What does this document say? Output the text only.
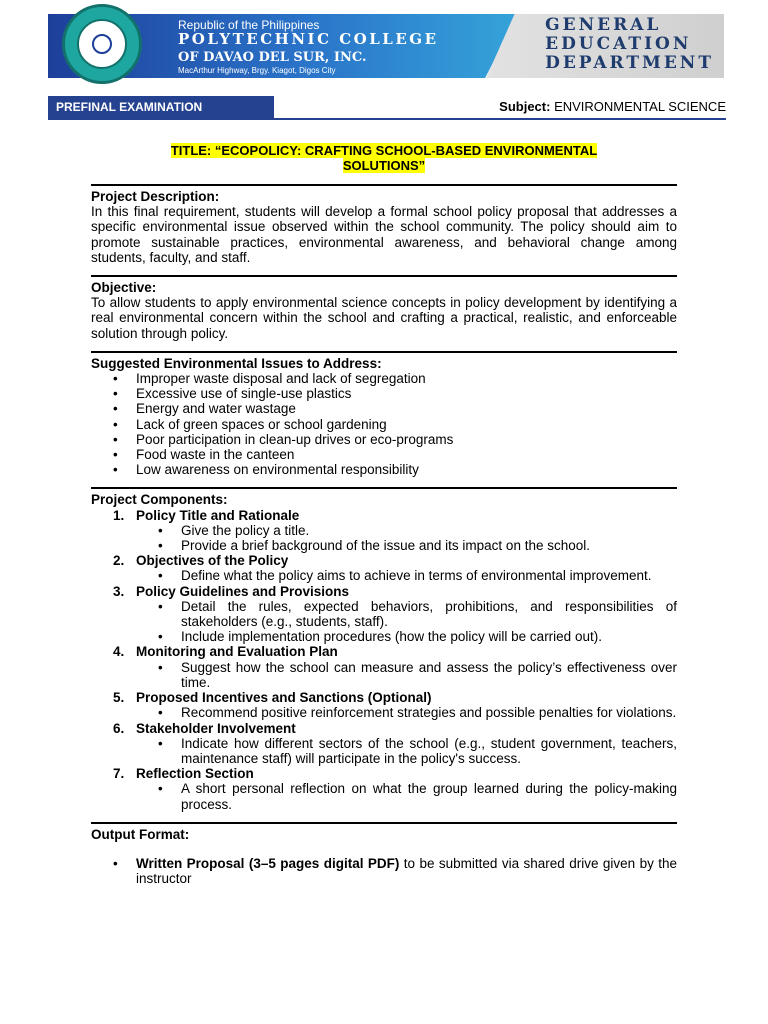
Republic of the Philippines
POLYTECHNIC COLLEGE
OF DAVAO DEL SUR, INC.
MacArthur Highway, Brgy. Kiagot, Digos City
GENERAL
EDUCATION
DEPARTMENT
PREFINAL EXAMINATION	Subject: ENVIRONMENTAL SCIENCE
TITLE: “ECOPOLICY: CRAFTING SCHOOL-BASED ENVIRONMENTAL
SOLUTIONS”
Project Description:
In this final requirement, students will develop a formal school policy proposal that addresses a specific environmental issue observed within the school community. The policy should aim to promote sustainable practices, environmental awareness, and behavioral change among students, faculty, and staff.
Objective:
To allow students to apply environmental science concepts in policy development by identifying a real environmental concern within the school and crafting a practical, realistic, and enforceable solution through policy.
Suggested Environmental Issues to Address:
• Improper waste disposal and lack of segregation
• Excessive use of single-use plastics
• Energy and water wastage
• Lack of green spaces or school gardening
• Poor participation in clean-up drives or eco-programs
• Food waste in the canteen
• Low awareness on environmental responsibility
Project Components:
1. Policy Title and Rationale
• Give the policy a title.
• Provide a brief background of the issue and its impact on the school.
2. Objectives of the Policy
• Define what the policy aims to achieve in terms of environmental improvement.
3. Policy Guidelines and Provisions
• Detail the rules, expected behaviors, prohibitions, and responsibilities of stakeholders (e.g., students, staff).
• Include implementation procedures (how the policy will be carried out).
4. Monitoring and Evaluation Plan
• Suggest how the school can measure and assess the policy’s effectiveness over time.
5. Proposed Incentives and Sanctions (Optional)
• Recommend positive reinforcement strategies and possible penalties for violations.
6. Stakeholder Involvement
• Indicate how different sectors of the school (e.g., student government, teachers, maintenance staff) will participate in the policy's success.
7. Reflection Section
• A short personal reflection on what the group learned during the policy-making process.
Output Format:
• Written Proposal (3–5 pages digital PDF) to be submitted via shared drive given by the instructor
